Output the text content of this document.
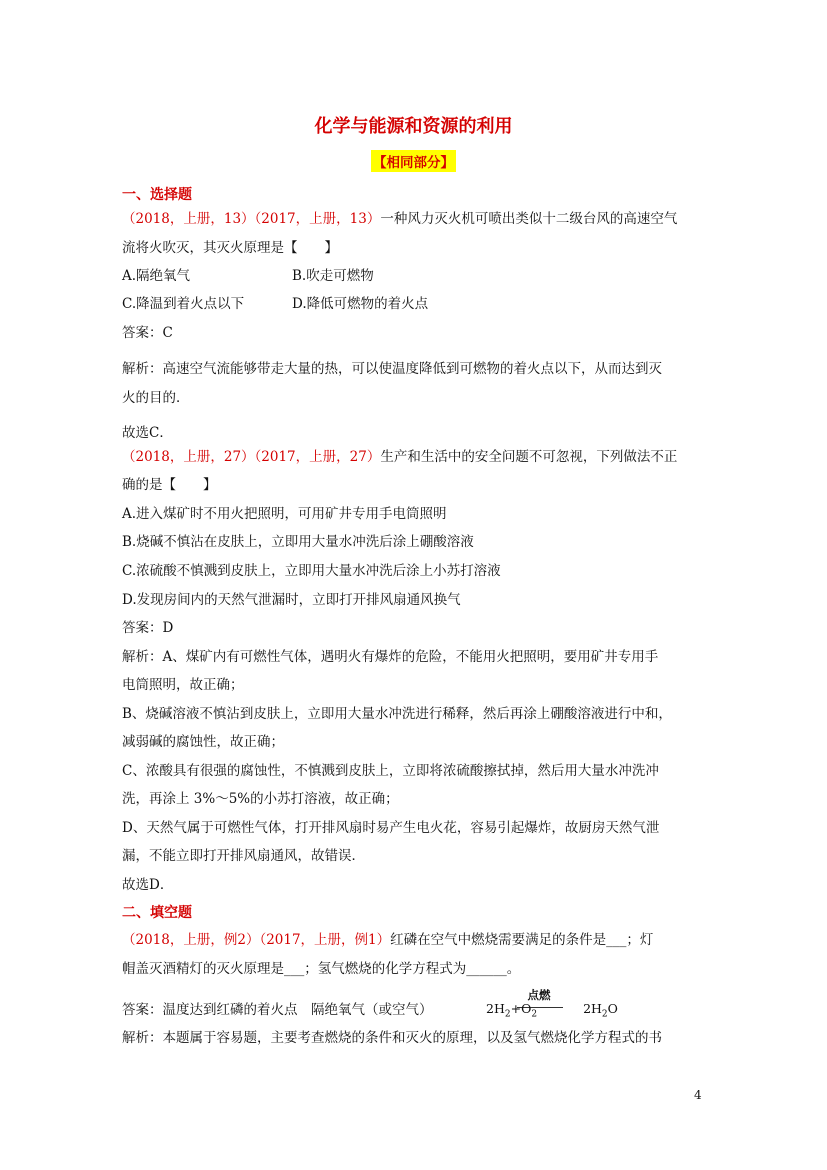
化学与能源和资源的利用
【相同部分】
一、选择题
（2018，上册，13）（2017，上册，13）一种风力灭火机可喷出类似十二级台风的高速空气
流将火吹灭，其灭火原理是【　　】
A.隔绝氧气	B.吹走可燃物
C.降温到着火点以下	D.降低可燃物的着火点
答案：C
解析：高速空气流能够带走大量的热，可以使温度降低到可燃物的着火点以下，从而达到灭
火的目的．
故选C．
（2018，上册，27）（2017，上册，27）生产和生活中的安全问题不可忽视，下列做法不正
确的是【　　】
A.进入煤矿时不用火把照明，可用矿井专用手电筒照明
B.烧碱不慎沾在皮肤上，立即用大量水冲洗后涂上硼酸溶液
C.浓硫酸不慎溅到皮肤上，立即用大量水冲洗后涂上小苏打溶液
D.发现房间内的天然气泄漏时，立即打开排风扇通风换气
答案：D
解析：A、煤矿内有可燃性气体，遇明火有爆炸的危险，不能用火把照明，要用矿井专用手
电筒照明，故正确；
B、烧碱溶液不慎沾到皮肤上，立即用大量水冲洗进行稀释，然后再涂上硼酸溶液进行中和，
减弱碱的腐蚀性，故正确；
C、浓酸具有很强的腐蚀性，不慎溅到皮肤上，立即将浓硫酸擦拭掉，然后用大量水冲洗冲
洗，再涂上 3%～5%的小苏打溶液，故正确；
D、天然气属于可燃性气体，打开排风扇时易产生电火花，容易引起爆炸，故厨房天然气泄
漏，不能立即打开排风扇通风，故错误．
故选D．
二、填空题
（2018，上册，例2）（2017，上册，例1）红磷在空气中燃烧需要满足的条件是___；灯
帽盖灭酒精灯的灭火原理是___；氢气燃烧的化学方程式为______。
答案：温度达到红磷的着火点　隔绝氧气（或空气）
点燃
$2H_2+O_2$	$2H_2O$
解析：本题属于容易题，主要考查燃烧的条件和灭火的原理，以及氢气燃烧化学方程式的书
4
